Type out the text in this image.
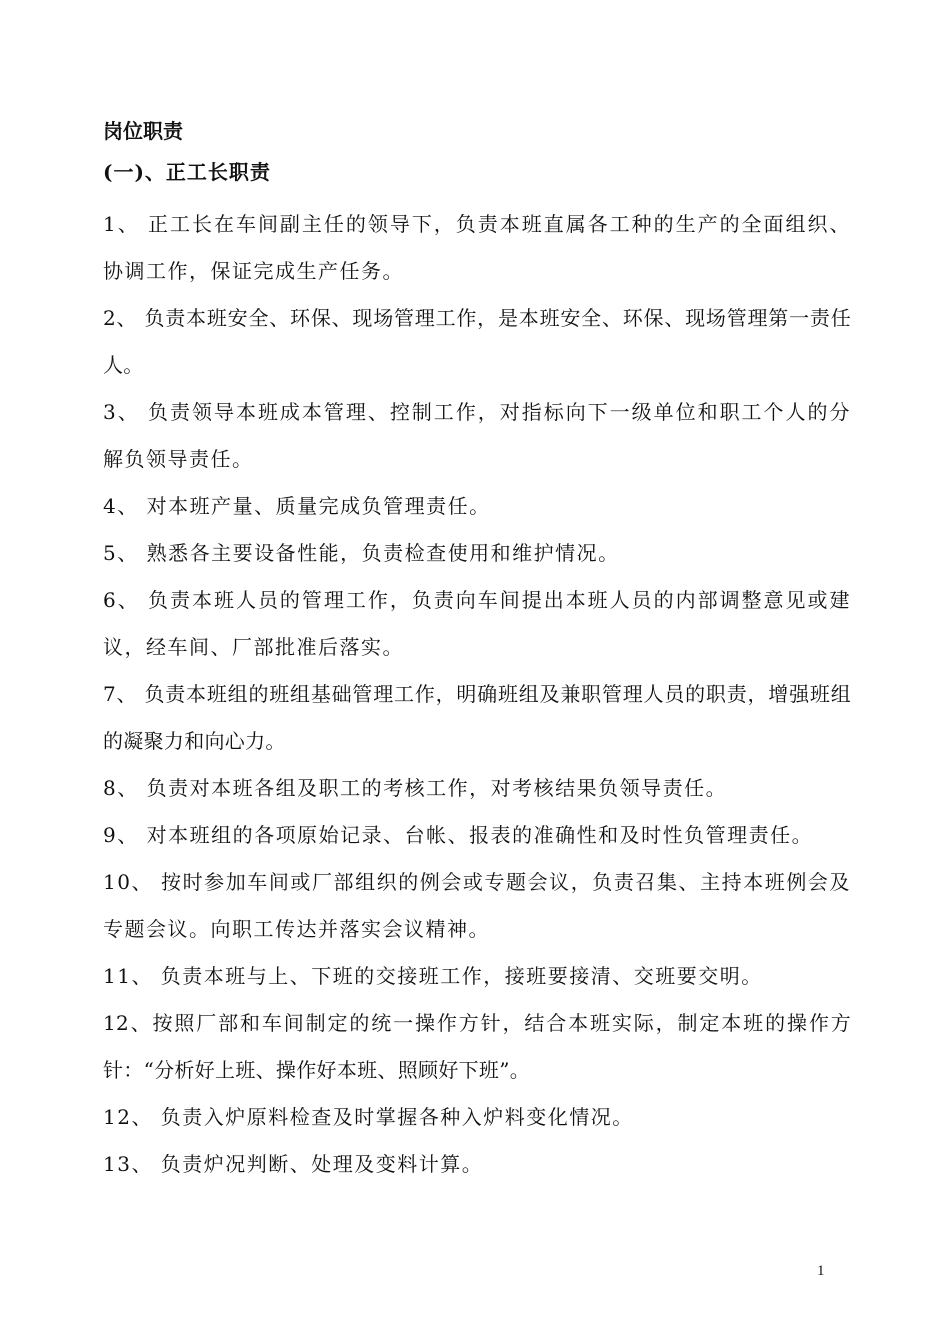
岗位职责

(一)、正工长职责

1、 正工长在车间副主任的领导下，负责本班直属各工种的生产的全面组织、协调工作，保证完成生产任务。

2、 负责本班安全、环保、现场管理工作，是本班安全、环保、现场管理第一责任人。

3、 负责领导本班成本管理、控制工作，对指标向下一级单位和职工个人的分解负领导责任。

4、 对本班产量、质量完成负管理责任。

5、 熟悉各主要设备性能，负责检查使用和维护情况。

6、 负责本班人员的管理工作，负责向车间提出本班人员的内部调整意见或建议，经车间、厂部批准后落实。

7、 负责本班组的班组基础管理工作，明确班组及兼职管理人员的职责，增强班组的凝聚力和向心力。

8、 负责对本班各组及职工的考核工作，对考核结果负领导责任。

9、 对本班组的各项原始记录、台帐、报表的准确性和及时性负管理责任。

10、 按时参加车间或厂部组织的例会或专题会议，负责召集、主持本班例会及专题会议。向职工传达并落实会议精神。

11、 负责本班与上、下班的交接班工作，接班要接清、交班要交明。

12、按照厂部和车间制定的统一操作方针，结合本班实际，制定本班的操作方针：“分析好上班、操作好本班、照顾好下班”。

12、 负责入炉原料检查及时掌握各种入炉料变化情况。

13、 负责炉况判断、处理及变料计算。

1
